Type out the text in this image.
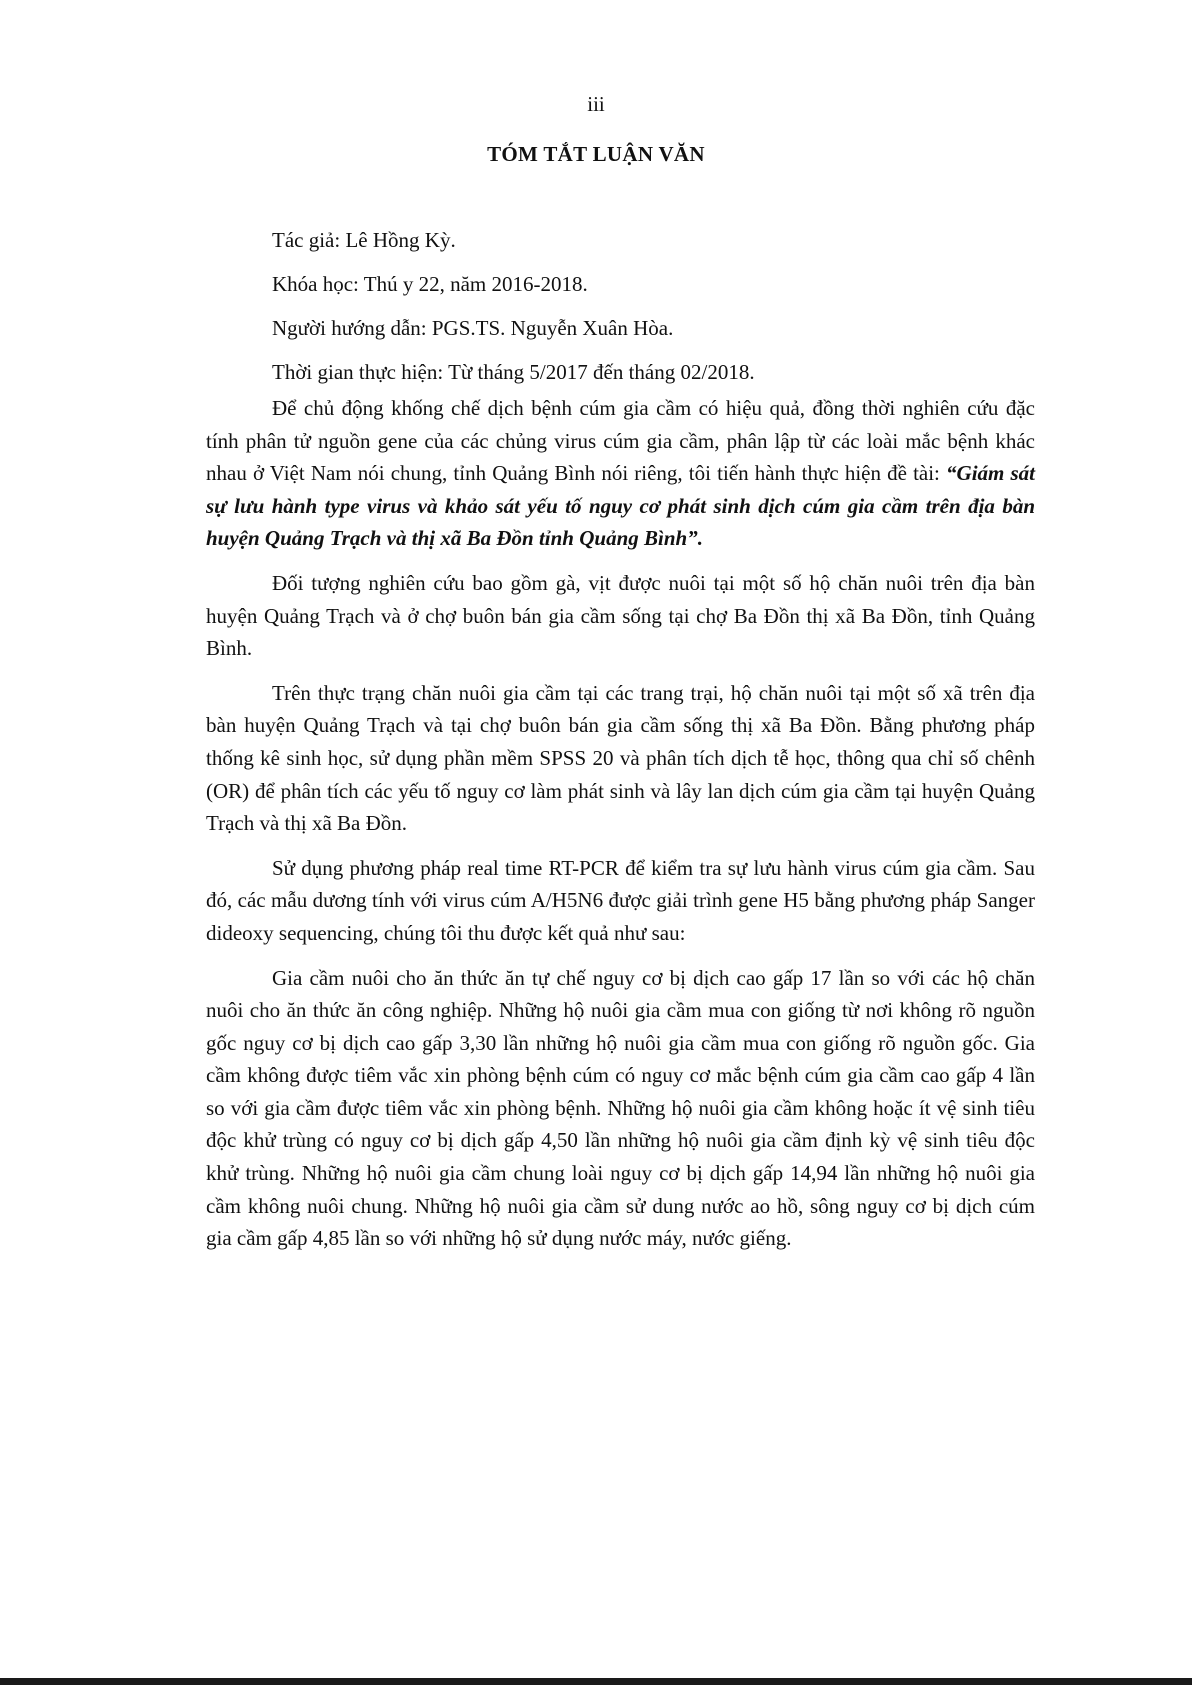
iii
TÓM TẮT LUẬN VĂN
Tác giả: Lê Hồng Kỳ.
Khóa học: Thú y 22, năm 2016-2018.
Người hướng dẫn: PGS.TS. Nguyễn Xuân Hòa.
Thời gian thực hiện: Từ tháng 5/2017 đến tháng 02/2018.

Để chủ động khống chế dịch bệnh cúm gia cầm có hiệu quả, đồng thời nghiên cứu đặc tính phân tử nguồn gene của các chủng virus cúm gia cầm, phân lập từ các loài mắc bệnh khác nhau ở Việt Nam nói chung, tỉnh Quảng Bình nói riêng, tôi tiến hành thực hiện đề tài: “Giám sát sự lưu hành type virus và khảo sát yếu tố nguy cơ phát sinh dịch cúm gia cầm trên địa bàn huyện Quảng Trạch và thị xã Ba Đồn tỉnh Quảng Bình”.

Đối tượng nghiên cứu bao gồm gà, vịt được nuôi tại một số hộ chăn nuôi trên địa bàn huyện Quảng Trạch và ở chợ buôn bán gia cầm sống tại chợ Ba Đồn thị xã Ba Đồn, tỉnh Quảng Bình.

Trên thực trạng chăn nuôi gia cầm tại các trang trại, hộ chăn nuôi tại một số xã trên địa bàn huyện Quảng Trạch và tại chợ buôn bán gia cầm sống thị xã Ba Đồn. Bằng phương pháp thống kê sinh học, sử dụng phần mềm SPSS 20 và phân tích dịch tễ học, thông qua chỉ số chênh (OR) để phân tích các yếu tố nguy cơ làm phát sinh và lây lan dịch cúm gia cầm tại huyện Quảng Trạch và thị xã Ba Đồn.

Sử dụng phương pháp real time RT-PCR để kiểm tra sự lưu hành virus cúm gia cầm. Sau đó, các mẫu dương tính với virus cúm A/H5N6 được giải trình gene H5 bằng phương pháp Sanger dideoxy sequencing, chúng tôi thu được kết quả như sau:

Gia cầm nuôi cho ăn thức ăn tự chế nguy cơ bị dịch cao gấp 17 lần so với các hộ chăn nuôi cho ăn thức ăn công nghiệp. Những hộ nuôi gia cầm mua con giống từ nơi không rõ nguồn gốc nguy cơ bị dịch cao gấp 3,30 lần những hộ nuôi gia cầm mua con giống rõ nguồn gốc. Gia cầm không được tiêm vắc xin phòng bệnh cúm có nguy cơ mắc bệnh cúm gia cầm cao gấp 4 lần so với gia cầm được tiêm vắc xin phòng bệnh. Những hộ nuôi gia cầm không hoặc ít vệ sinh tiêu độc khử trùng có nguy cơ bị dịch gấp 4,50 lần những hộ nuôi gia cầm định kỳ vệ sinh tiêu độc khử trùng. Những hộ nuôi gia cầm chung loài nguy cơ bị dịch gấp 14,94 lần những hộ nuôi gia cầm không nuôi chung. Những hộ nuôi gia cầm sử dung nước ao hồ, sông nguy cơ bị dịch cúm gia cầm gấp 4,85 lần so với những hộ sử dụng nước máy, nước giếng.
